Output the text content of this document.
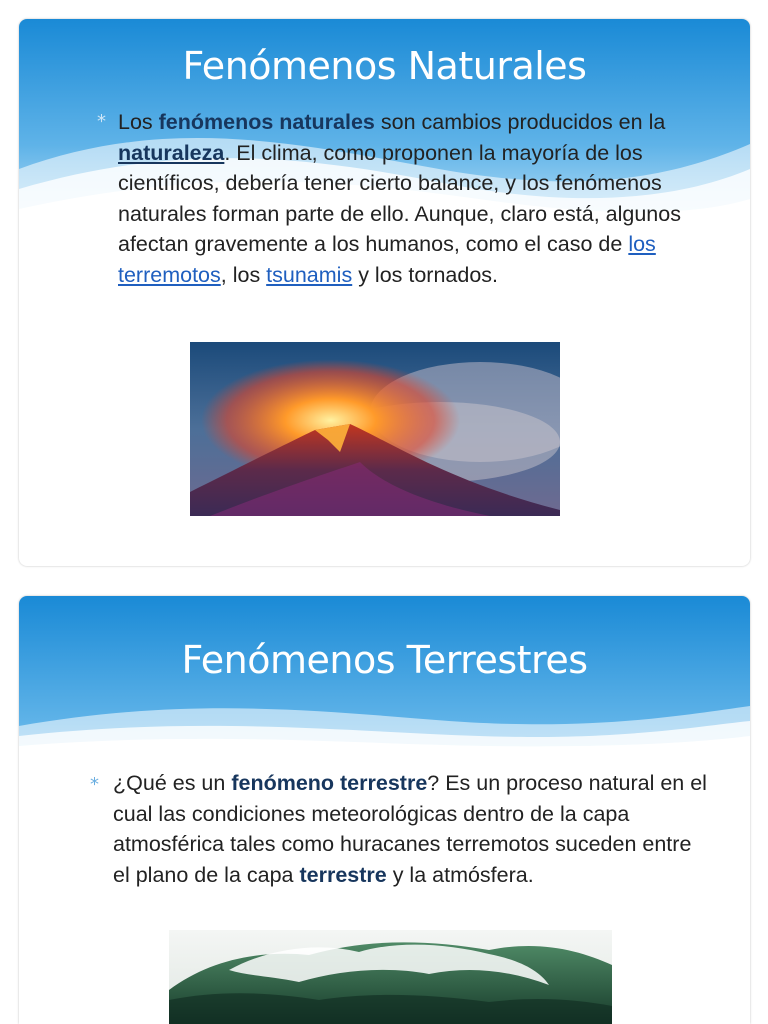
Fenómenos Naturales
* Los fenómenos naturales son cambios producidos en la naturaleza. El clima, como proponen la mayoría de los científicos, debería tener cierto balance, y los fenómenos naturales forman parte de ello. Aunque, claro está, algunos afectan gravemente a los humanos, como el caso de los terremotos, los tsunamis y los tornados.
Fenómenos Terrestres
* ¿Qué es un fenómeno terrestre? Es un proceso natural en el cual las condiciones meteorológicas dentro de la capa atmosférica tales como huracanes terremotos suceden entre el plano de la capa terrestre y la atmósfera.
